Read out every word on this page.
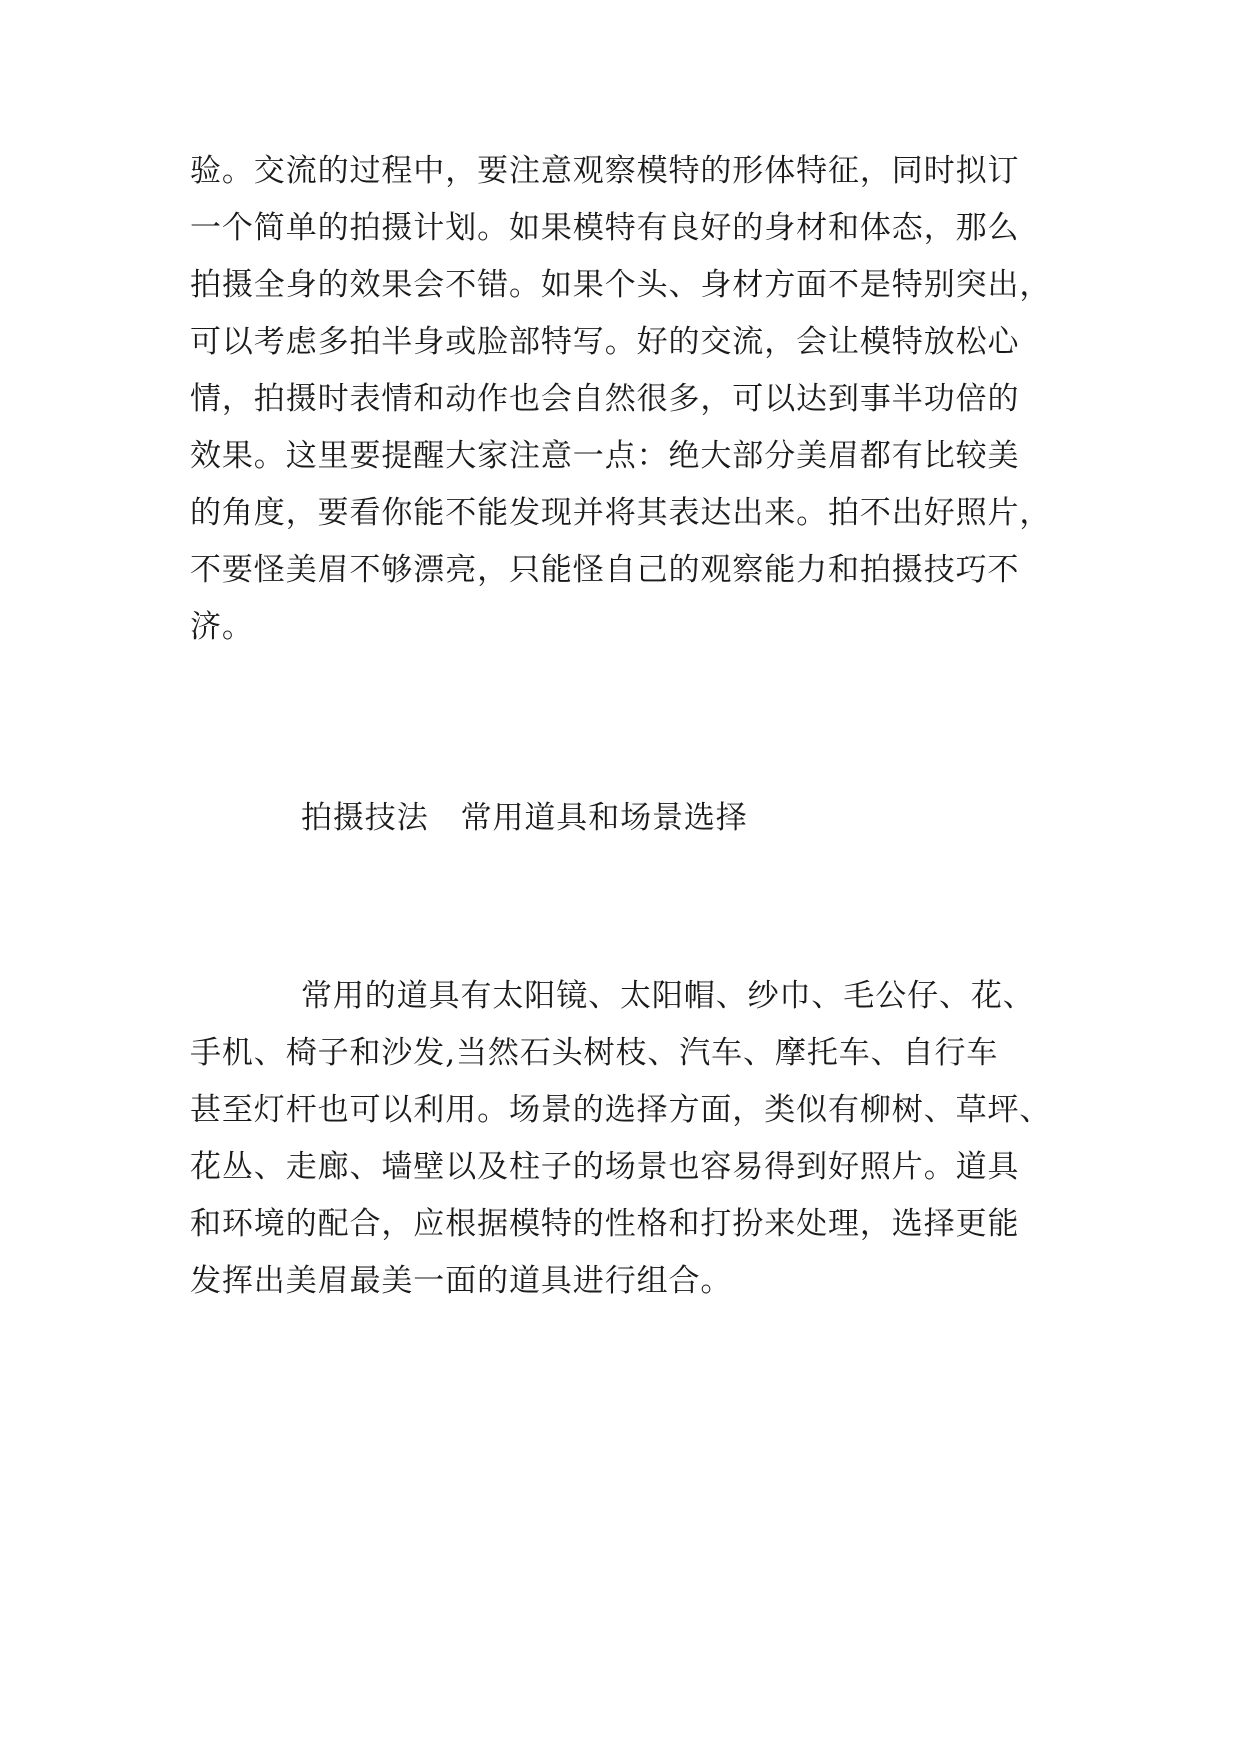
验。交流的过程中，要注意观察模特的形体特征，同时拟订
一个简单的拍摄计划。如果模特有良好的身材和体态，那么
拍摄全身的效果会不错。如果个头、身材方面不是特别突出，
可以考虑多拍半身或脸部特写。好的交流，会让模特放松心
情，拍摄时表情和动作也会自然很多，可以达到事半功倍的
效果。这里要提醒大家注意一点：绝大部分美眉都有比较美
的角度，要看你能不能发现并将其表达出来。拍不出好照片，
不要怪美眉不够漂亮，只能怪自己的观察能力和拍摄技巧不
济。
拍摄技法 常用道具和场景选择
常用的道具有太阳镜、太阳帽、纱巾、毛公仔、花、
手机、椅子和沙发,当然石头树枝、汽车、摩托车、自行车
甚至灯杆也可以利用。场景的选择方面，类似有柳树、草坪、
花丛、走廊、墙壁以及柱子的场景也容易得到好照片。道具
和环境的配合，应根据模特的性格和打扮来处理，选择更能
发挥出美眉最美一面的道具进行组合。
